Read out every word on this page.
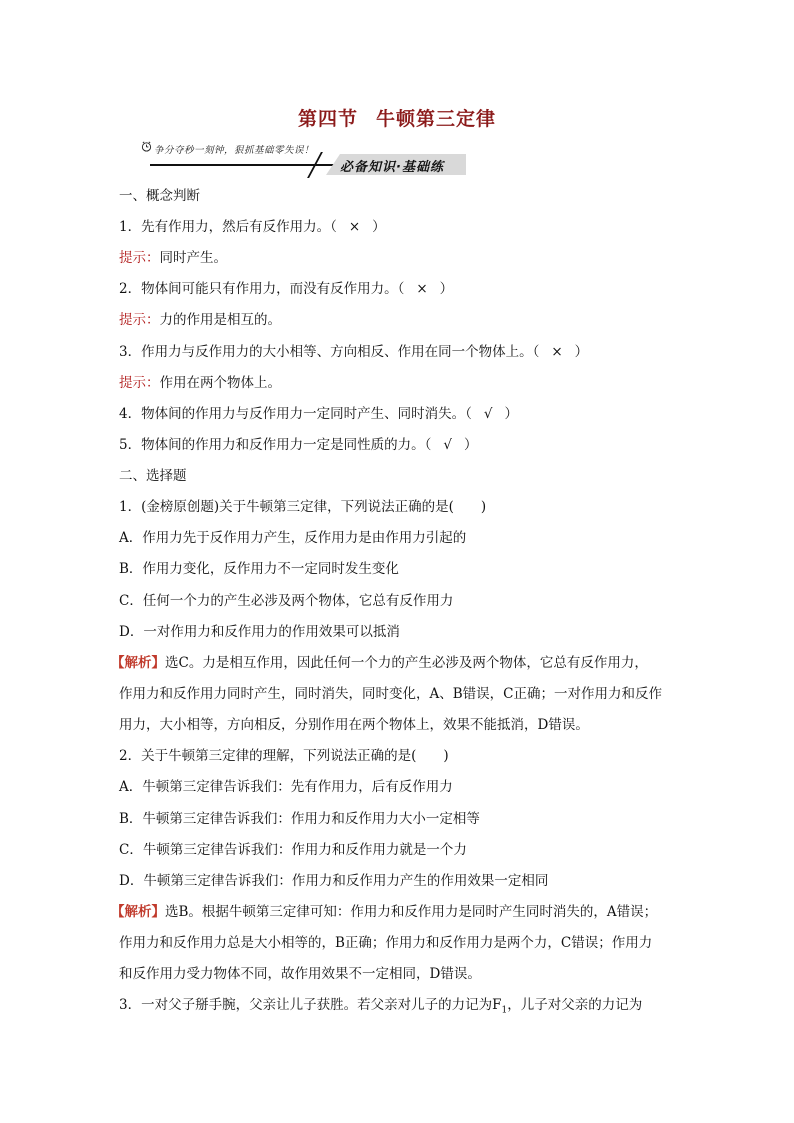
第四节 牛顿第三定律
争分夺秒一刻钟，狠抓基础零失误！
必备知识·基础练
一、概念判断
1．先有作用力，然后有反作用力。（ × ）
提示：同时产生。
2．物体间可能只有作用力，而没有反作用力。（ × ）
提示：力的作用是相互的。
3．作用力与反作用力的大小相等、方向相反、作用在同一个物体上。（ × ）
提示：作用在两个物体上。
4．物体间的作用力与反作用力一定同时产生、同时消失。（ √ ）
5．物体间的作用力和反作用力一定是同性质的力。（ √ ）
二、选择题
1．(金榜原创题)关于牛顿第三定律，下列说法正确的是(　　)
A．作用力先于反作用力产生，反作用力是由作用力引起的
B．作用力变化，反作用力不一定同时发生变化
C．任何一个力的产生必涉及两个物体，它总有反作用力
D．一对作用力和反作用力的作用效果可以抵消
【解析】选C。力是相互作用，因此任何一个力的产生必涉及两个物体，它总有反作用力，
作用力和反作用力同时产生，同时消失，同时变化，A、B错误，C正确；一对作用力和反作
用力，大小相等，方向相反，分别作用在两个物体上，效果不能抵消，D错误。
2．关于牛顿第三定律的理解，下列说法正确的是(　　)
A．牛顿第三定律告诉我们：先有作用力，后有反作用力
B．牛顿第三定律告诉我们：作用力和反作用力大小一定相等
C．牛顿第三定律告诉我们：作用力和反作用力就是一个力
D．牛顿第三定律告诉我们：作用力和反作用力产生的作用效果一定相同
【解析】选B。根据牛顿第三定律可知：作用力和反作用力是同时产生同时消失的，A错误；
作用力和反作用力总是大小相等的，B正确；作用力和反作用力是两个力，C错误；作用力
和反作用力受力物体不同，故作用效果不一定相同，D错误。
3．一对父子掰手腕，父亲让儿子获胜。若父亲对儿子的力记为$F_1$，儿子对父亲的力记为
